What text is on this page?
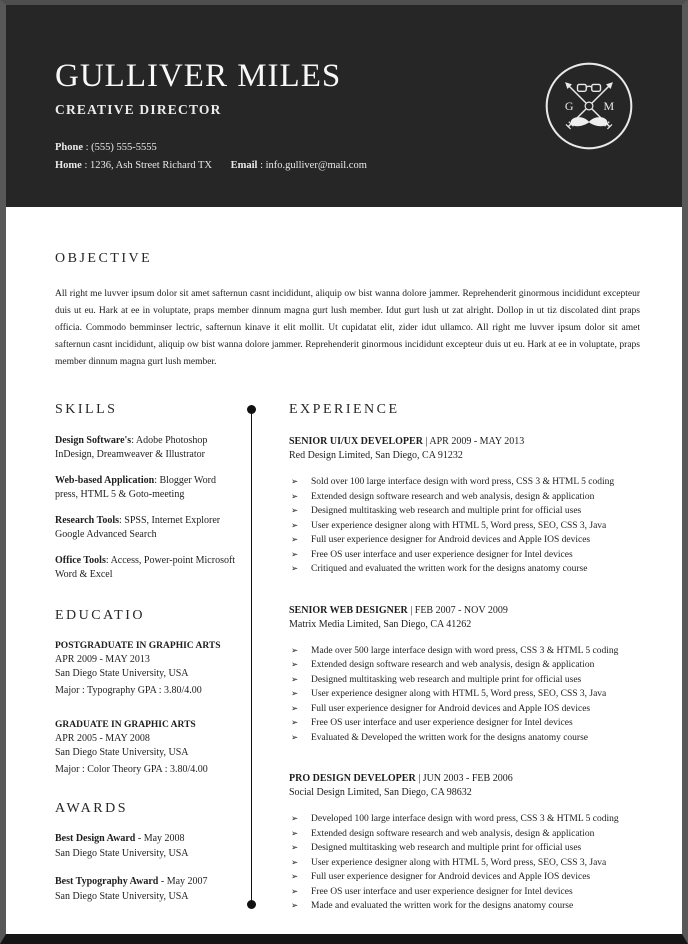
GULLIVER MILES
CREATIVE DIRECTOR
Phone : (555) 555-5555
Home : 1236, Ash Street Richard TX Email : info.gulliver@mail.com
G M
OBJECTIVE

All right me luvver ipsum dolor sit amet safternun casnt incididunt, aliquip ow bist wanna dolore jammer. Reprehenderit ginormous incididunt excepteur duis ut eu. Hark at ee in voluptate, praps member dinnum magna gurt lush member. Idut gurt lush ut zat alright. Dollop in ut tiz discolated dint praps officia. Commodo bemminser lectric, safternun kinave it elit mollit. Ut cupidatat elit, zider idut ullamco. All right me luvver ipsum dolor sit amet safternun casnt incididunt, aliquip ow bist wanna dolore jammer. Reprehenderit ginormous incididunt excepteur duis ut eu. Hark at ee in voluptate, praps member dinnum magna gurt lush member.

SKILLS
Design Software's: Adobe Photoshop InDesign, Dreamweaver & Illustrator
Web-based Application: Blogger Word press, HTML 5 & Goto-meeting
Research Tools: SPSS, Internet Explorer Google Advanced Search
Office Tools: Access, Power-point Microsoft Word & Excel
EDUCATIO
POSTGRADUATE IN GRAPHIC ARTS
APR 2009 - MAY 2013
San Diego State University, USA
Major : Typography GPA : 3.80/4.00
GRADUATE IN GRAPHIC ARTS
APR 2005 - MAY 2008
San Diego State University, USA
Major : Color Theory GPA : 3.80/4.00
AWARDS
Best Design Award - May 2008
San Diego State University, USA
Best Typography Award - May 2007
San Diego State University, USA
EXPERIENCE
SENIOR UI/UX DEVELOPER | APR 2009 - MAY 2013
Red Design Limited, San Diego, CA 91232
➢	Sold over 100 large interface design with word press, CSS 3 & HTML 5 coding
➢	Extended design software research and web analysis, design & application
➢	Designed multitasking web research and multiple print for official uses
➢	User experience designer along with HTML 5, Word press, SEO, CSS 3, Java
➢	Full user experience designer for Android devices and Apple IOS devices
➢	Free OS user interface and user experience designer for Intel devices
➢	Critiqued and evaluated the written work for the designs anatomy course
SENIOR WEB DESIGNER | FEB 2007 - NOV 2009
Matrix Media Limited, San Diego, CA 41262
➢	Made over 500 large interface design with word press, CSS 3 & HTML 5 coding
➢	Extended design software research and web analysis, design & application
➢	Designed multitasking web research and multiple print for official uses
➢	User experience designer along with HTML 5, Word press, SEO, CSS 3, Java
➢	Full user experience designer for Android devices and Apple IOS devices
➢	Free OS user interface and user experience designer for Intel devices
➢	Evaluated & Developed the written work for the designs anatomy course
PRO DESIGN DEVELOPER | JUN 2003 - FEB 2006
Social Design Limited, San Diego, CA 98632
➢	Developed 100 large interface design with word press, CSS 3 & HTML 5 coding
➢	Extended design software research and web analysis, design & application
➢	Designed multitasking web research and multiple print for official uses
➢	User experience designer along with HTML 5, Word press, SEO, CSS 3, Java
➢	Full user experience designer for Android devices and Apple IOS devices
➢	Free OS user interface and user experience designer for Intel devices
➢	Made and evaluated the written work for the designs anatomy course
